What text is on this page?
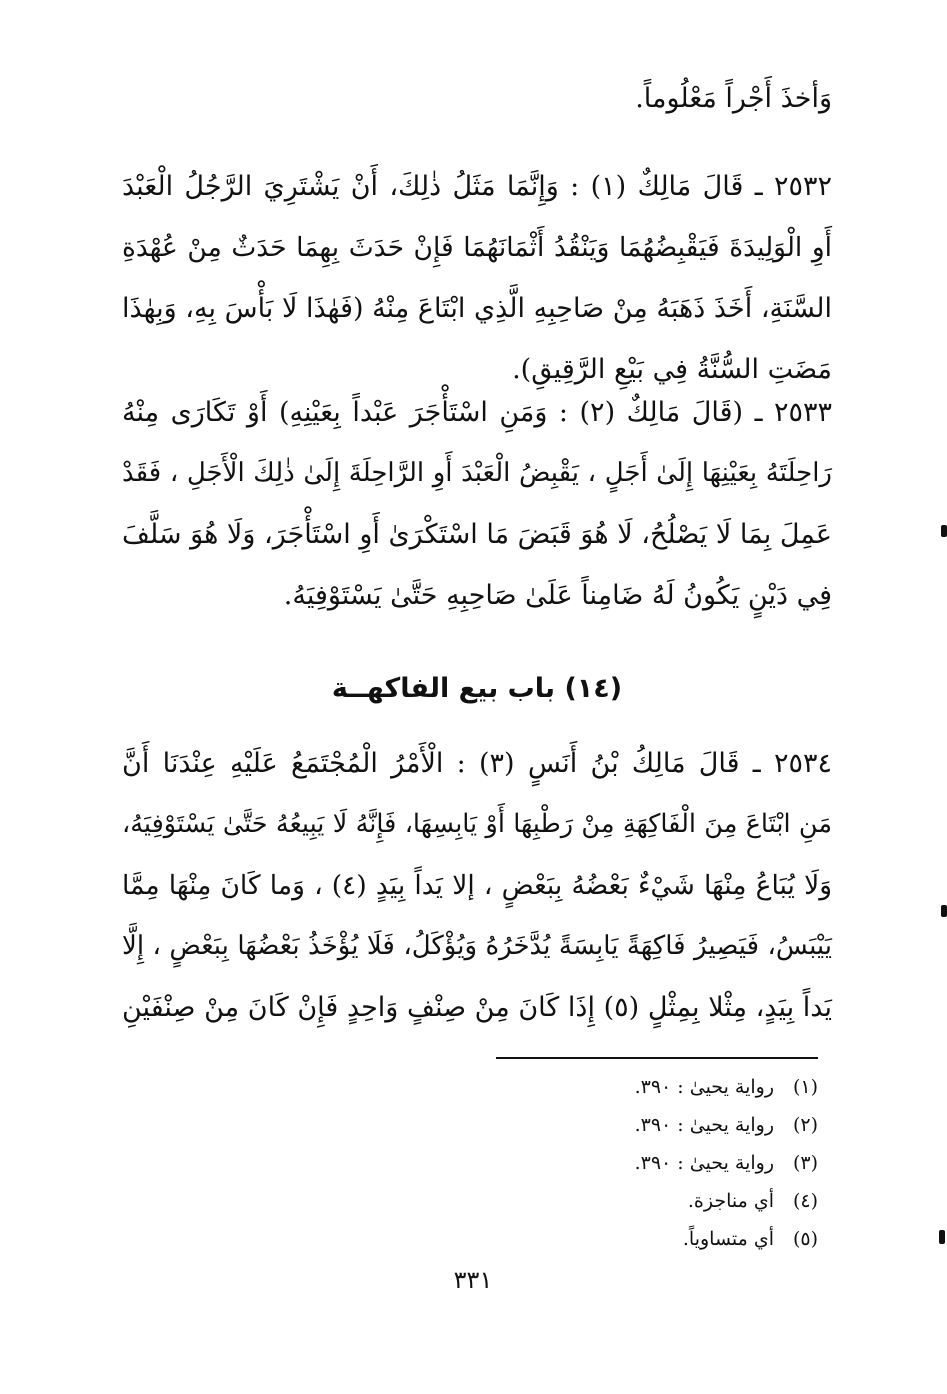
وَأخذَ أَجْراً مَعْلُوماً.
٢٥٣٢ ـ قَالَ مَالِكٌ (١) : وَإِنَّمَا مَثَلُ ذٰلِكَ، أَنْ يَشْتَرِيَ الرَّجُلُ الْعَبْدَ
أَوِ الْوَلِيدَةَ فَيَقْبِضُهُمَا وَيَنْقُدُ أَثْمَانَهُمَا فَإِنْ حَدَثَ بِهِمَا حَدَثٌ مِنْ عُهْدَةِ
السَّنَةِ، أَخَذَ ذَهَبَهُ مِنْ صَاحِبِهِ الَّذِي ابْتَاعَ مِنْهُ (فَهٰذَا لَا بَأْسَ بِهِ، وَبِهٰذَا
مَضَتِ السُّنَّةُ فِي بَيْعِ الرَّقِيقِ).
٢٥٣٣ ـ (قَالَ مَالِكٌ (٢) : وَمَنِ اسْتَأْجَرَ عَبْداً بِعَيْنِهِ) أَوْ تَكَارَى مِنْهُ
رَاحِلَتَهُ بِعَيْنِهَا إِلَىٰ أَجَلٍ ، يَقْبِضُ الْعَبْدَ أَوِ الرَّاحِلَةَ إِلَىٰ ذٰلِكَ الْأَجَلِ ، فَقَدْ
عَمِلَ بِمَا لَا يَصْلُحُ، لَا هُوَ قَبَضَ مَا اسْتَكْرَىٰ أَوِ اسْتَأْجَرَ، وَلَا هُوَ سَلَّفَ
فِي دَيْنٍ يَكُونُ لَهُ ضَامِناً عَلَىٰ صَاحِبِهِ حَتَّىٰ يَسْتَوْفِيَهُ.
(١٤) باب بيع الفاكهــة
٢٥٣٤ ـ قَالَ مَالِكُ بْنُ أَنَسٍ (٣) : الْأَمْرُ الْمُجْتَمَعُ عَلَيْهِ عِنْدَنَا أَنَّ
مَنِ ابْتَاعَ مِنَ الْفَاكِهَةِ مِنْ رَطْبِهَا أَوْ يَابِسِهَا، فَإِنَّهُ لَا يَبِيعُهُ حَتَّىٰ يَسْتَوْفِيَهُ،
وَلَا يُبَاعُ مِنْهَا شَيْءٌ بَعْضُهُ بِبَعْضٍ ، إلا يَداً بِيَدٍ (٤) ، وَما كَانَ مِنْهَا مِمَّا
يَيْبَسُ، فَيَصِيرُ فَاكِهَةً يَابِسَةً يُدَّخَرُهُ وَيُؤْكَلُ، فَلَا يُؤْخَذُ بَعْضُهَا بِبَعْضٍ ، إِلَّا
يَداً بِيَدٍ، مِثْلا بِمِثْلٍ (٥) إِذَا كَانَ مِنْ صِنْفٍ وَاحِدٍ فَإِنْ كَانَ مِنْ صِنْفَيْنِ
(١)رواية يحيىٰ : ٣٩٠.
(٢)رواية يحيىٰ : ٣٩٠.
(٣)رواية يحيىٰ : ٣٩٠.
(٤)أي مناجزة.
(٥)أي متساوياً.
٣٣١
